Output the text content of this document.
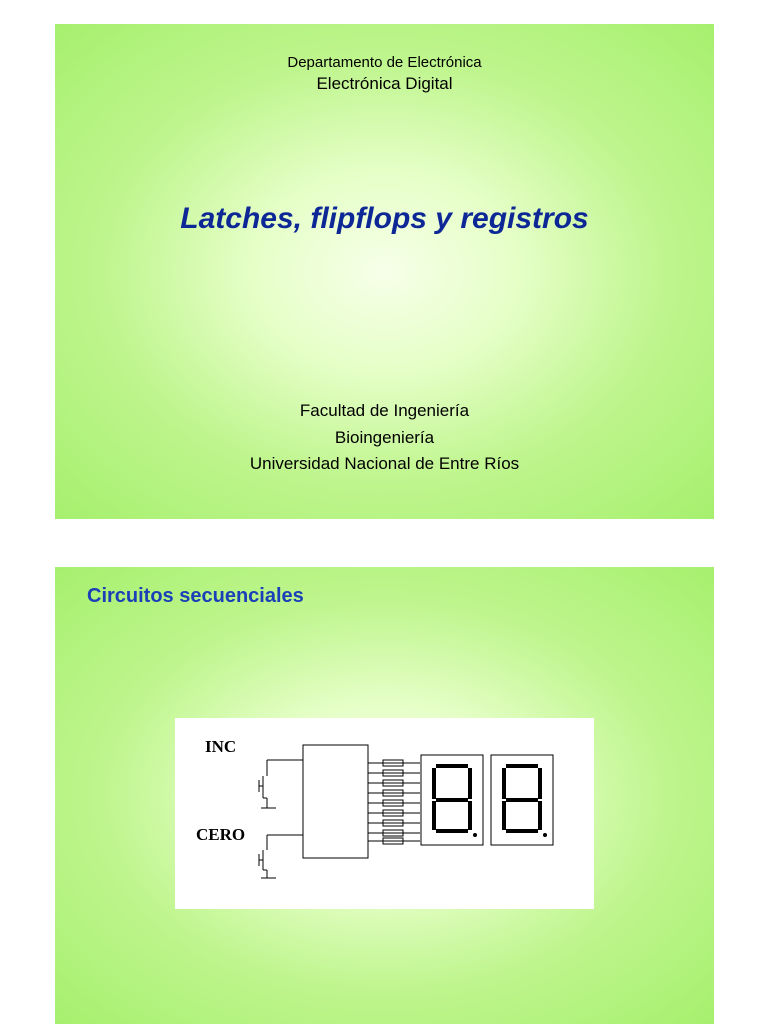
Departamento de Electrónica
Electrónica Digital
Latches, flipflops y registros
Facultad de Ingeniería
Bioingeniería
Universidad Nacional de Entre Ríos
Circuitos secuenciales
INC
CERO
